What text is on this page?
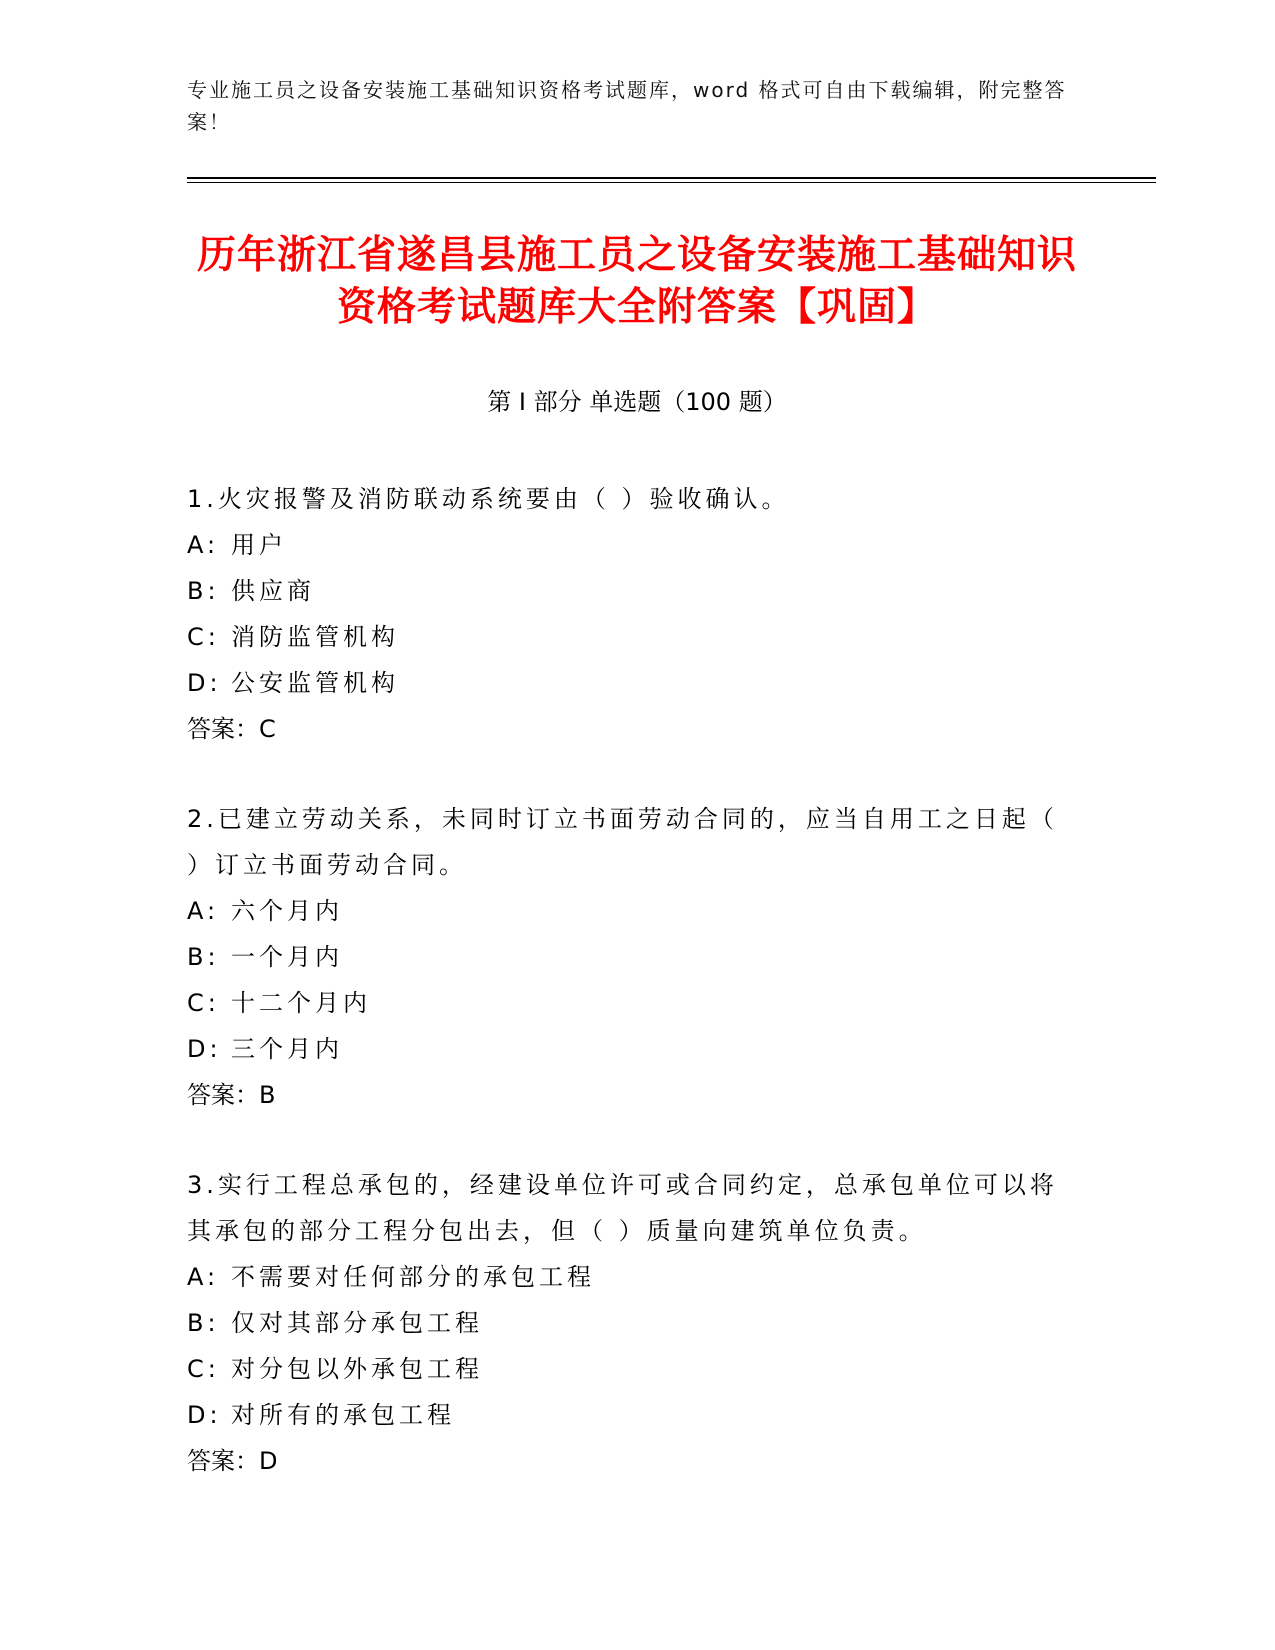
专业施工员之设备安装施工基础知识资格考试题库，word 格式可自由下载编辑，附完整答案！
历年浙江省遂昌县施工员之设备安装施工基础知识资格考试题库大全附答案【巩固】
第 I 部分 单选题（100 题）

1.火灾报警及消防联动系统要由（ ）验收确认。

A: 用户

B: 供应商

C: 消防监管机构

D: 公安监管机构

答案：C

2.已建立劳动关系，未同时订立书面劳动合同的，应当自用工之日起（ ）订立书面劳动合同。

A: 六个月内

B: 一个月内

C: 十二个月内

D: 三个月内

答案：B

3.实行工程总承包的，经建设单位许可或合同约定，总承包单位可以将其承包的部分工程分包出去，但（ ）质量向建筑单位负责。

A: 不需要对任何部分的承包工程

B: 仅对其部分承包工程

C: 对分包以外承包工程

D: 对所有的承包工程

答案：D
